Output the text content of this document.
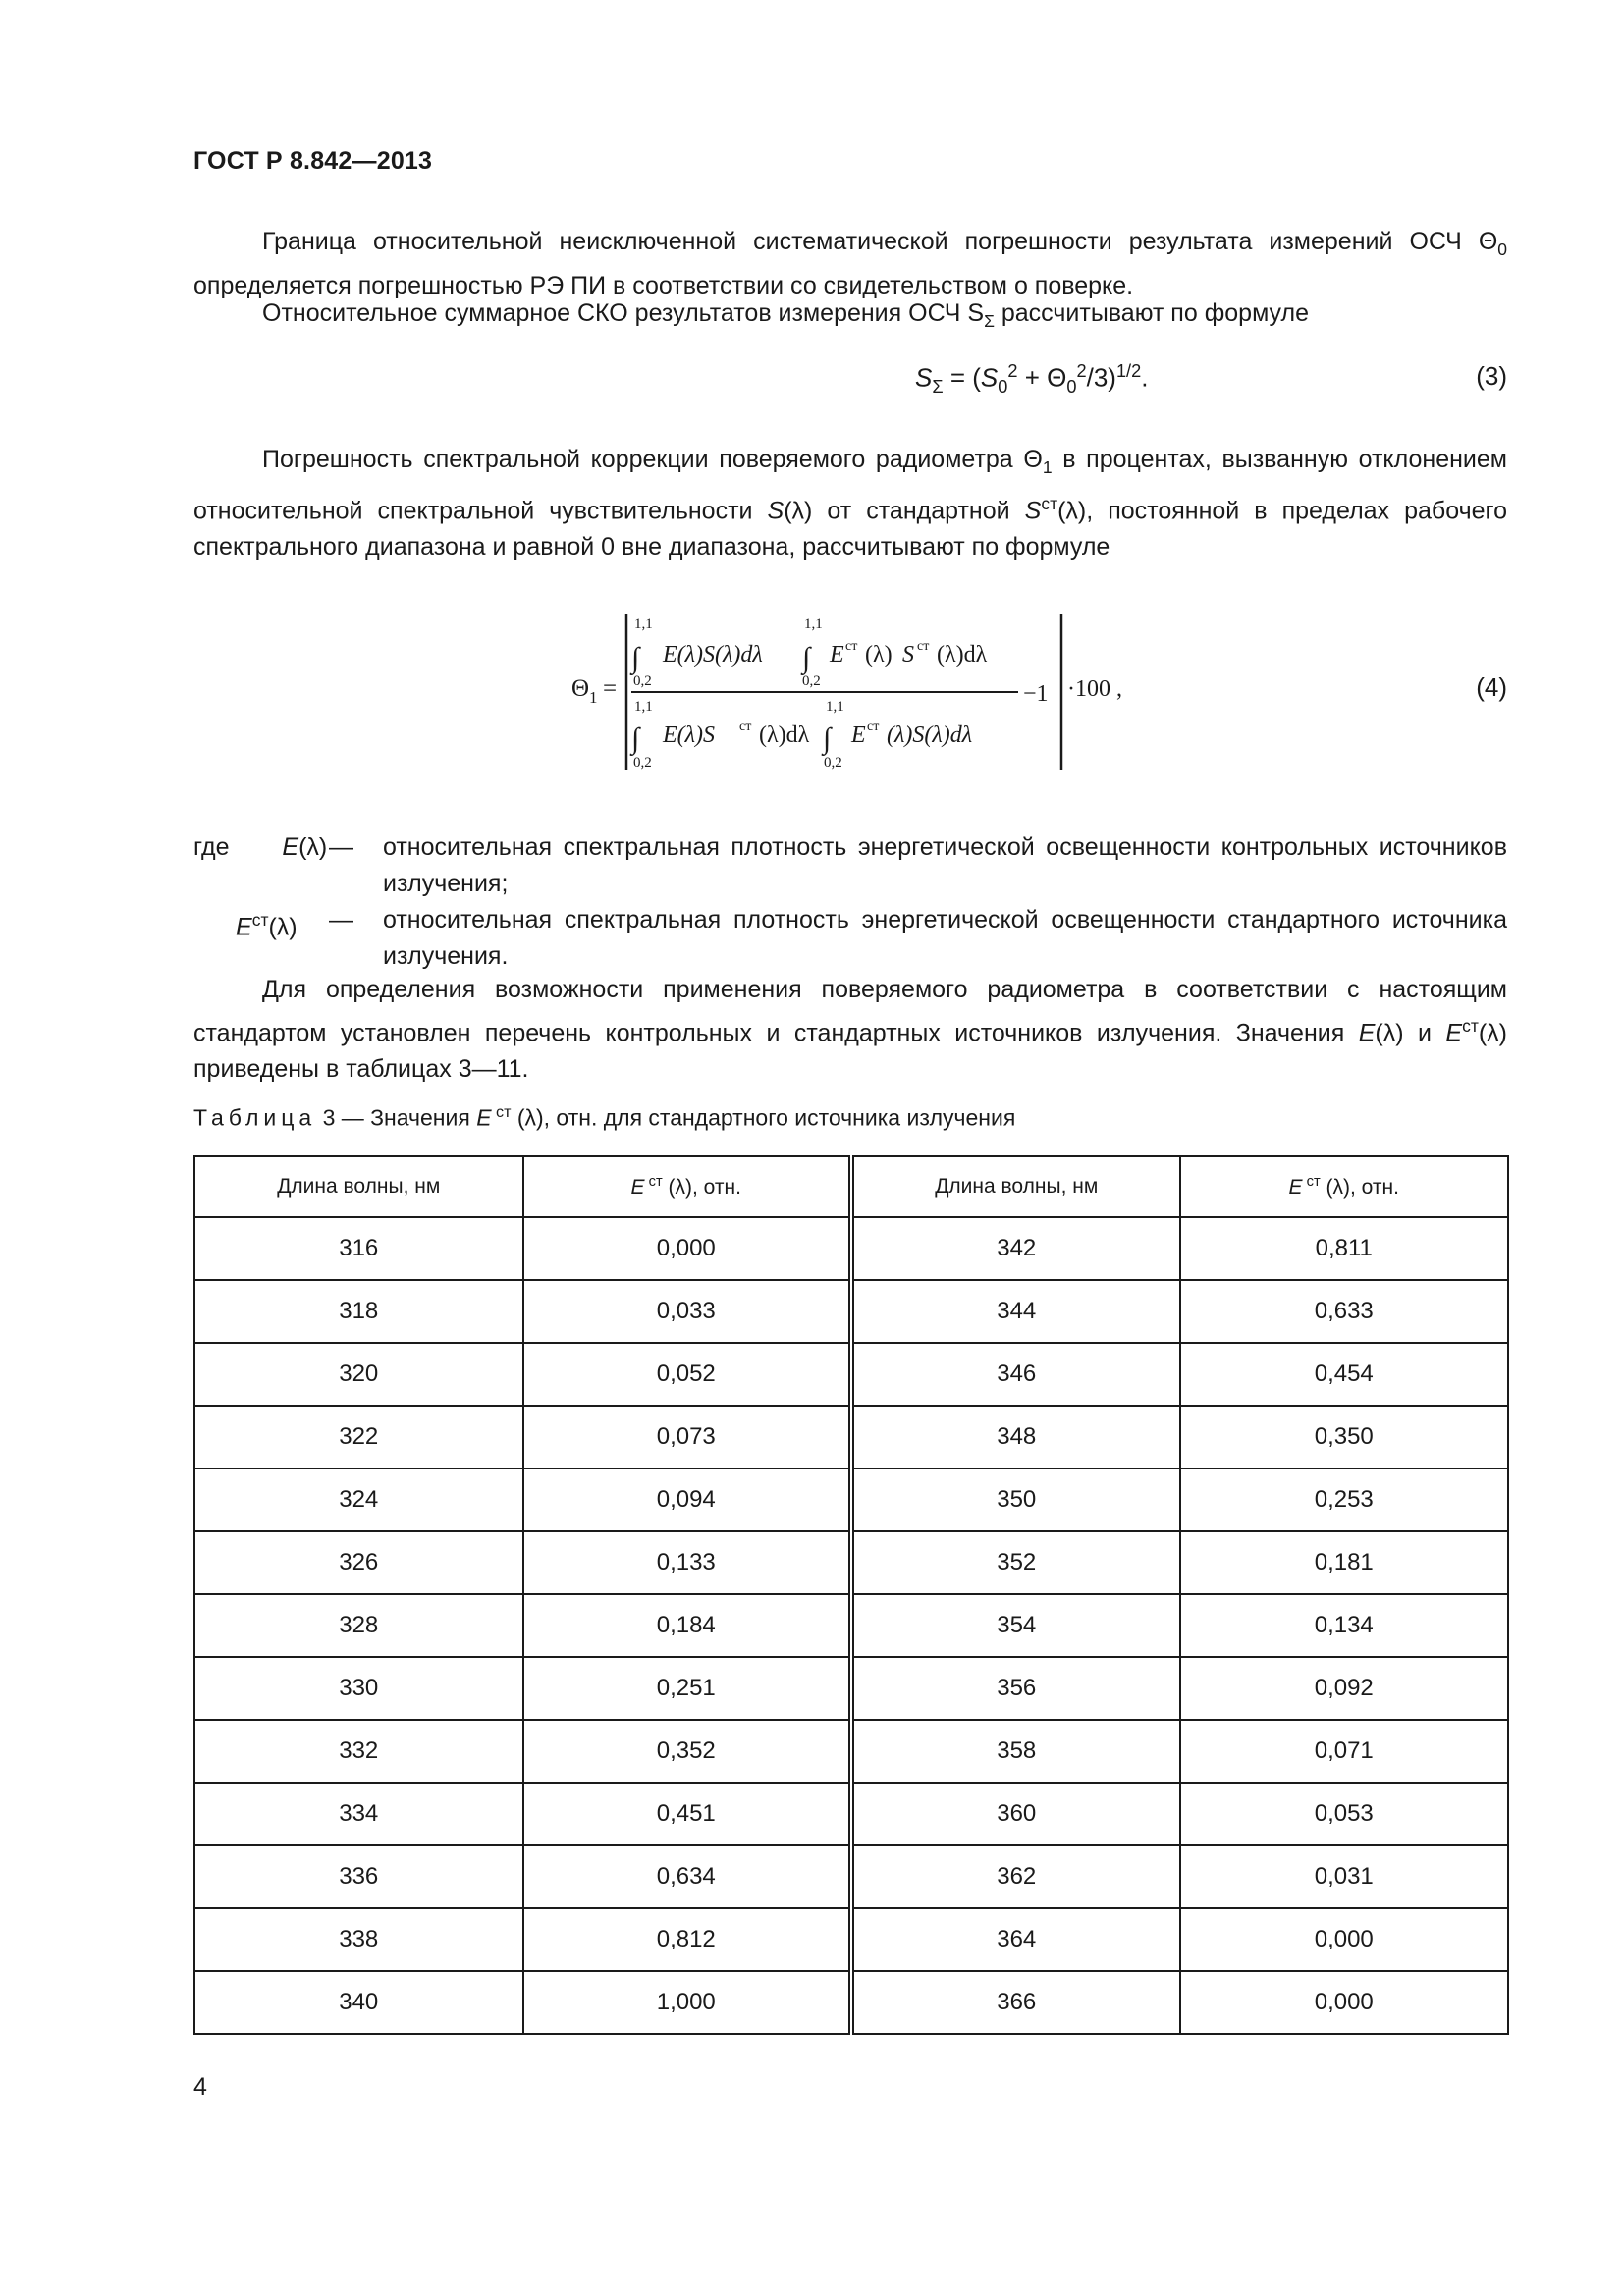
ГОСТ Р 8.842—2013
Граница относительной неисключенной систематической погрешности результата измерений ОСЧ $\Theta_0$ определяется погрешностью РЭ ПИ в соответствии со свидетельством о поверке.
Относительное суммарное СКО результатов измерения ОСЧ $S_\Sigma$ рассчитывают по формуле
$S_\Sigma = (S_0^2 + \Theta_0^2/3)^{1/2}$.	(3)
Погрешность спектральной коррекции поверяемого радиометра $\Theta_1$ в процентах, вызванную отклонением относительной спектральной чувствительности S(λ) от стандартной $S^{ст}(\lambda)$, постоянной в пределах рабочего спектрального диапазона и равной 0 вне диапазона, рассчитывают по формуле
Θ 1 =
1,1
∫
0,2
E(λ)S(λ)dλ
1,1
∫
0,2
E ст (λ) S ст (λ)dλ
1,1
∫
0,2
E(λ)S ст (λ)dλ
1,1
∫
0,2
E ст (λ)S(λ)dλ
−1 ·100 ,	(4)
где E(λ) — относительная спектральная плотность энергетической освещенности контрольных источников излучения;
$E^{ст}(\lambda)$	— относительная спектральная плотность энергетической освещенности стандартного источника излучения.
Для определения возможности применения поверяемого радиометра в соответствии с настоящим стандартом установлен перечень контрольных и стандартных источников излучения. Значения E(λ) и $E^{ст}(\lambda)$ приведены в таблицах 3—11.
Таблица 3 — Значения E $^{ст}$ (λ), отн. для стандартного источника излучения
Длина волны, нм	E $^{ст}$ (λ), отн.	Длина волны, нм	E $^{ст}$ (λ), отн.
316	0,000	342	0,811
318	0,033	344	0,633
320	0,052	346	0,454
322	0,073	348	0,350
324	0,094	350	0,253
326	0,133	352	0,181
328	0,184	354	0,134
330	0,251	356	0,092
332	0,352	358	0,071
334	0,451	360	0,053
336	0,634	362	0,031
338	0,812	364	0,000
340	1,000	366	0,000
4
